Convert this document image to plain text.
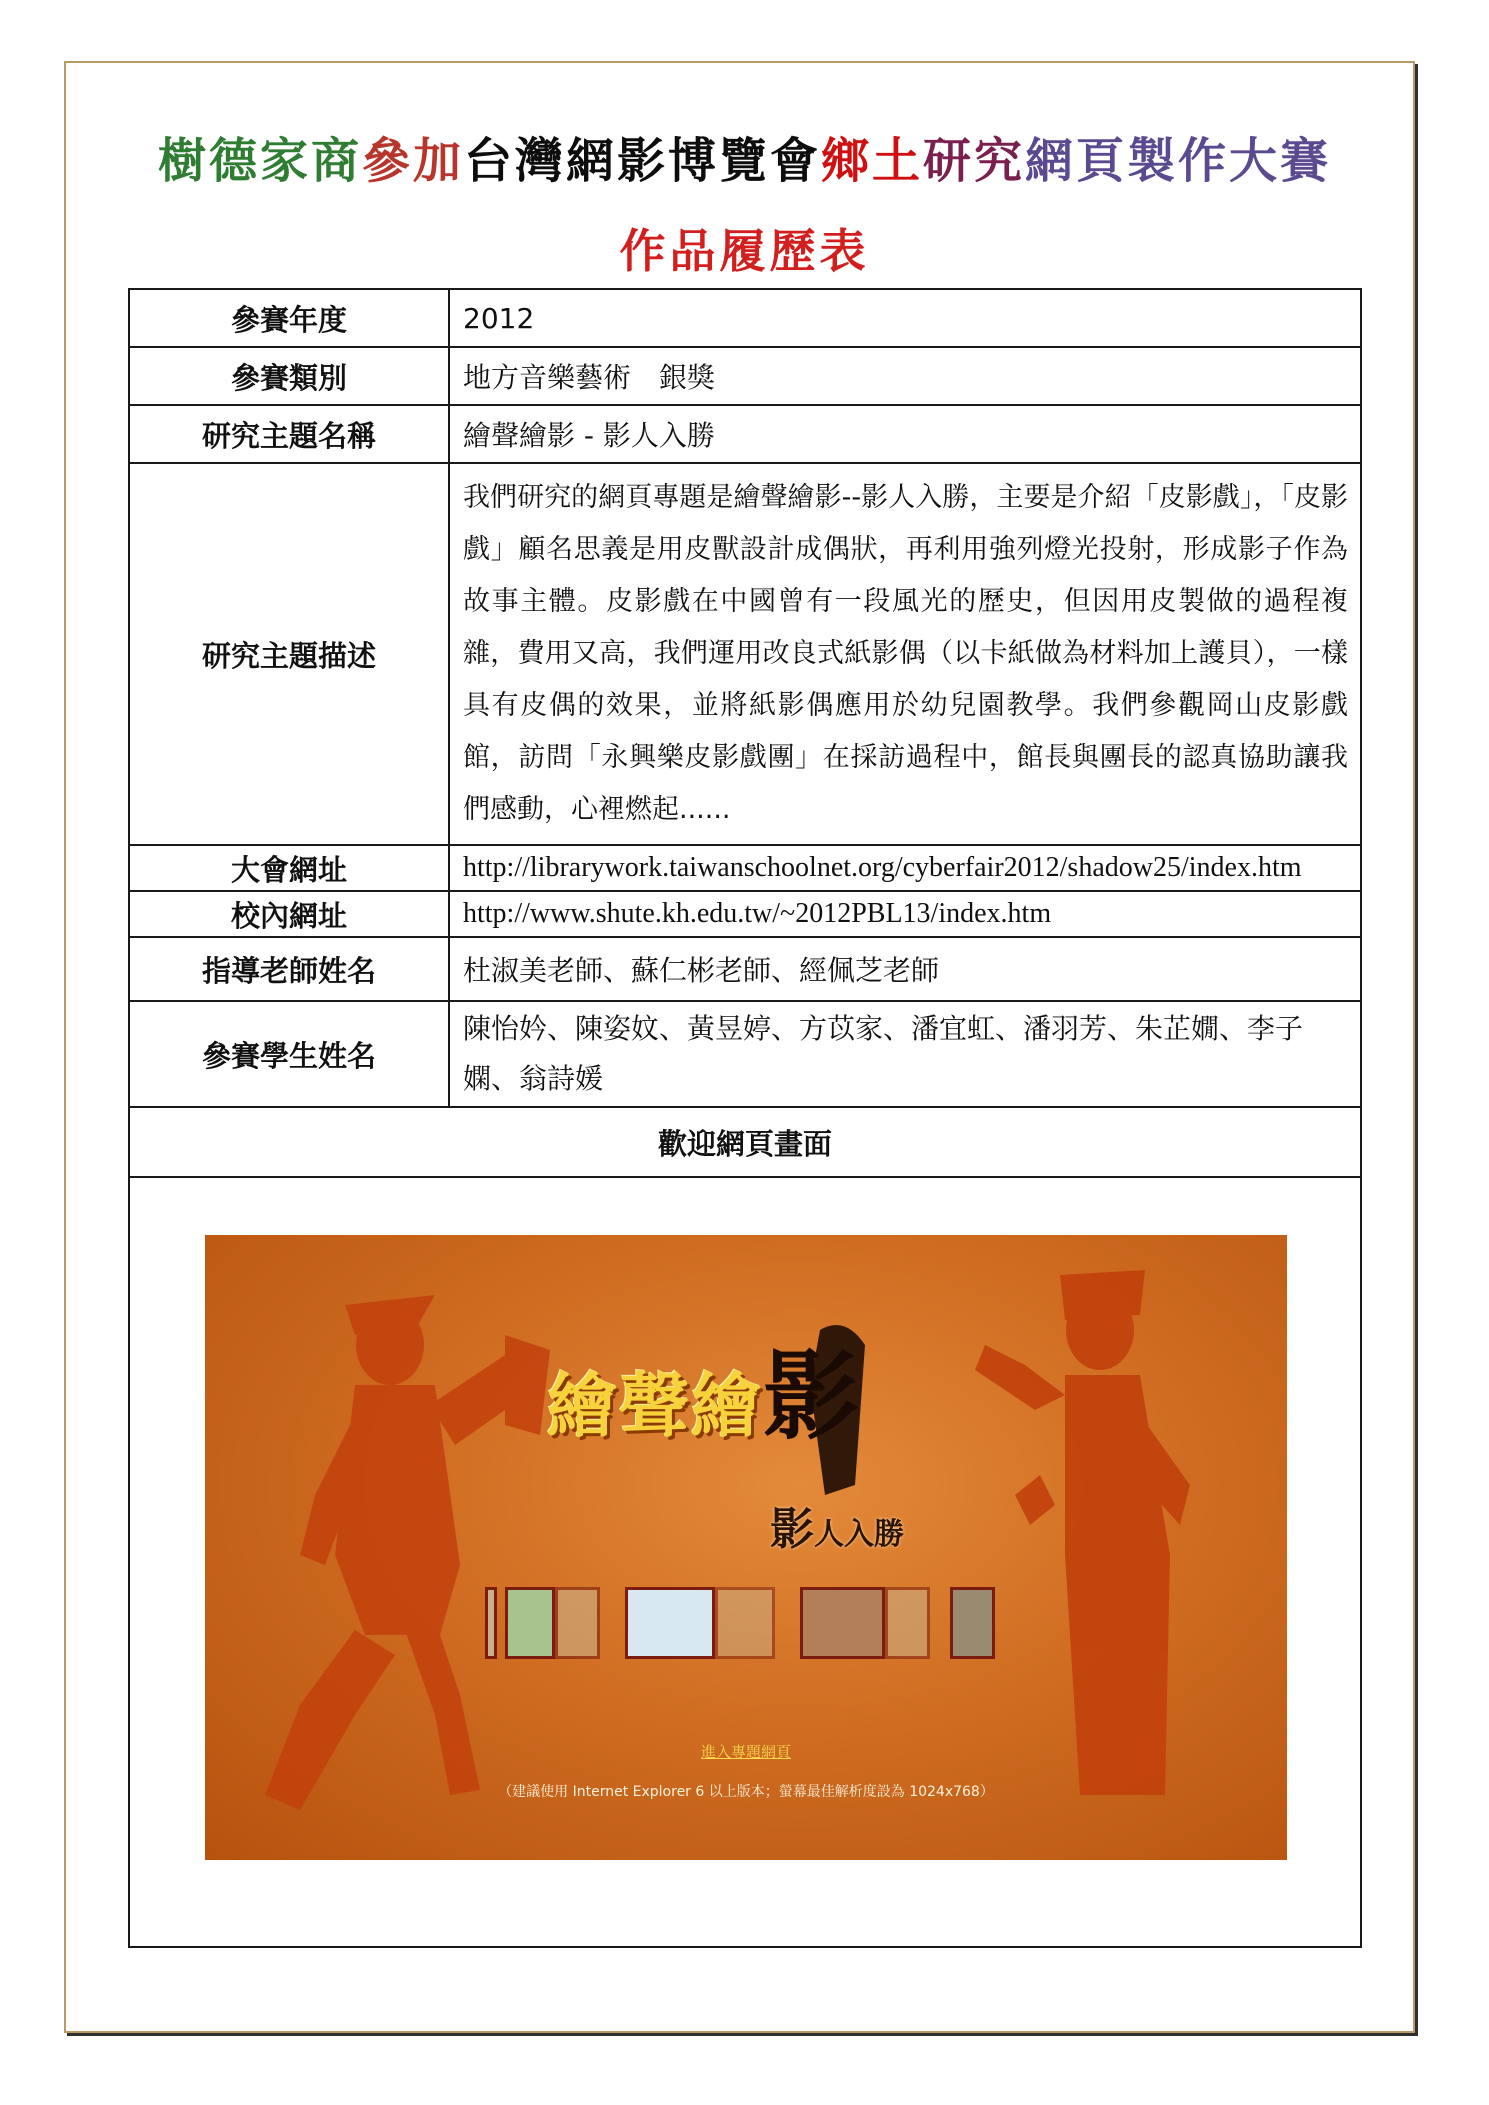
樹德家商參加台灣網影博覽會鄉土研究網頁製作大賽
作品履歷表
參賽年度	2012
參賽類別	地方音樂藝術　銀獎
研究主題名稱	繪聲繪影 - 影人入勝
研究主題描述	我們研究的網頁專題是繪聲繪影--影人入勝，主要是介紹「皮影戲」，「皮影戲」顧名思義是用皮獸設計成偶狀，再利用強列燈光投射，形成影子作為故事主體。皮影戲在中國曾有一段風光的歷史，但因用皮製做的過程複雜，費用又高，我們運用改良式紙影偶（以卡紙做為材料加上護貝），一樣具有皮偶的效果，並將紙影偶應用於幼兒園教學。我們參觀岡山皮影戲館，訪問「永興樂皮影戲團」在採訪過程中，館長與團長的認真協助讓我們感動，心裡燃起......
大會網址	http://librarywork.taiwanschoolnet.org/cyberfair2012/shadow25/index.htm
校內網址	http://www.shute.kh.edu.tw/~2012PBL13/index.htm
指導老師姓名	杜淑美老師、蘇仁彬老師、經佩芝老師
參賽學生姓名	陳怡妗、陳姿妏、黃昱婷、方苡家、潘宜虹、潘羽芳、朱芷嫺、李子嫻、翁詩媛
歡迎網頁畫面	

繪聲繪影
影人入勝
進入專題網頁
（建議使用 Internet Explorer 6 以上版本；螢幕最佳解析度設為 1024x768）
